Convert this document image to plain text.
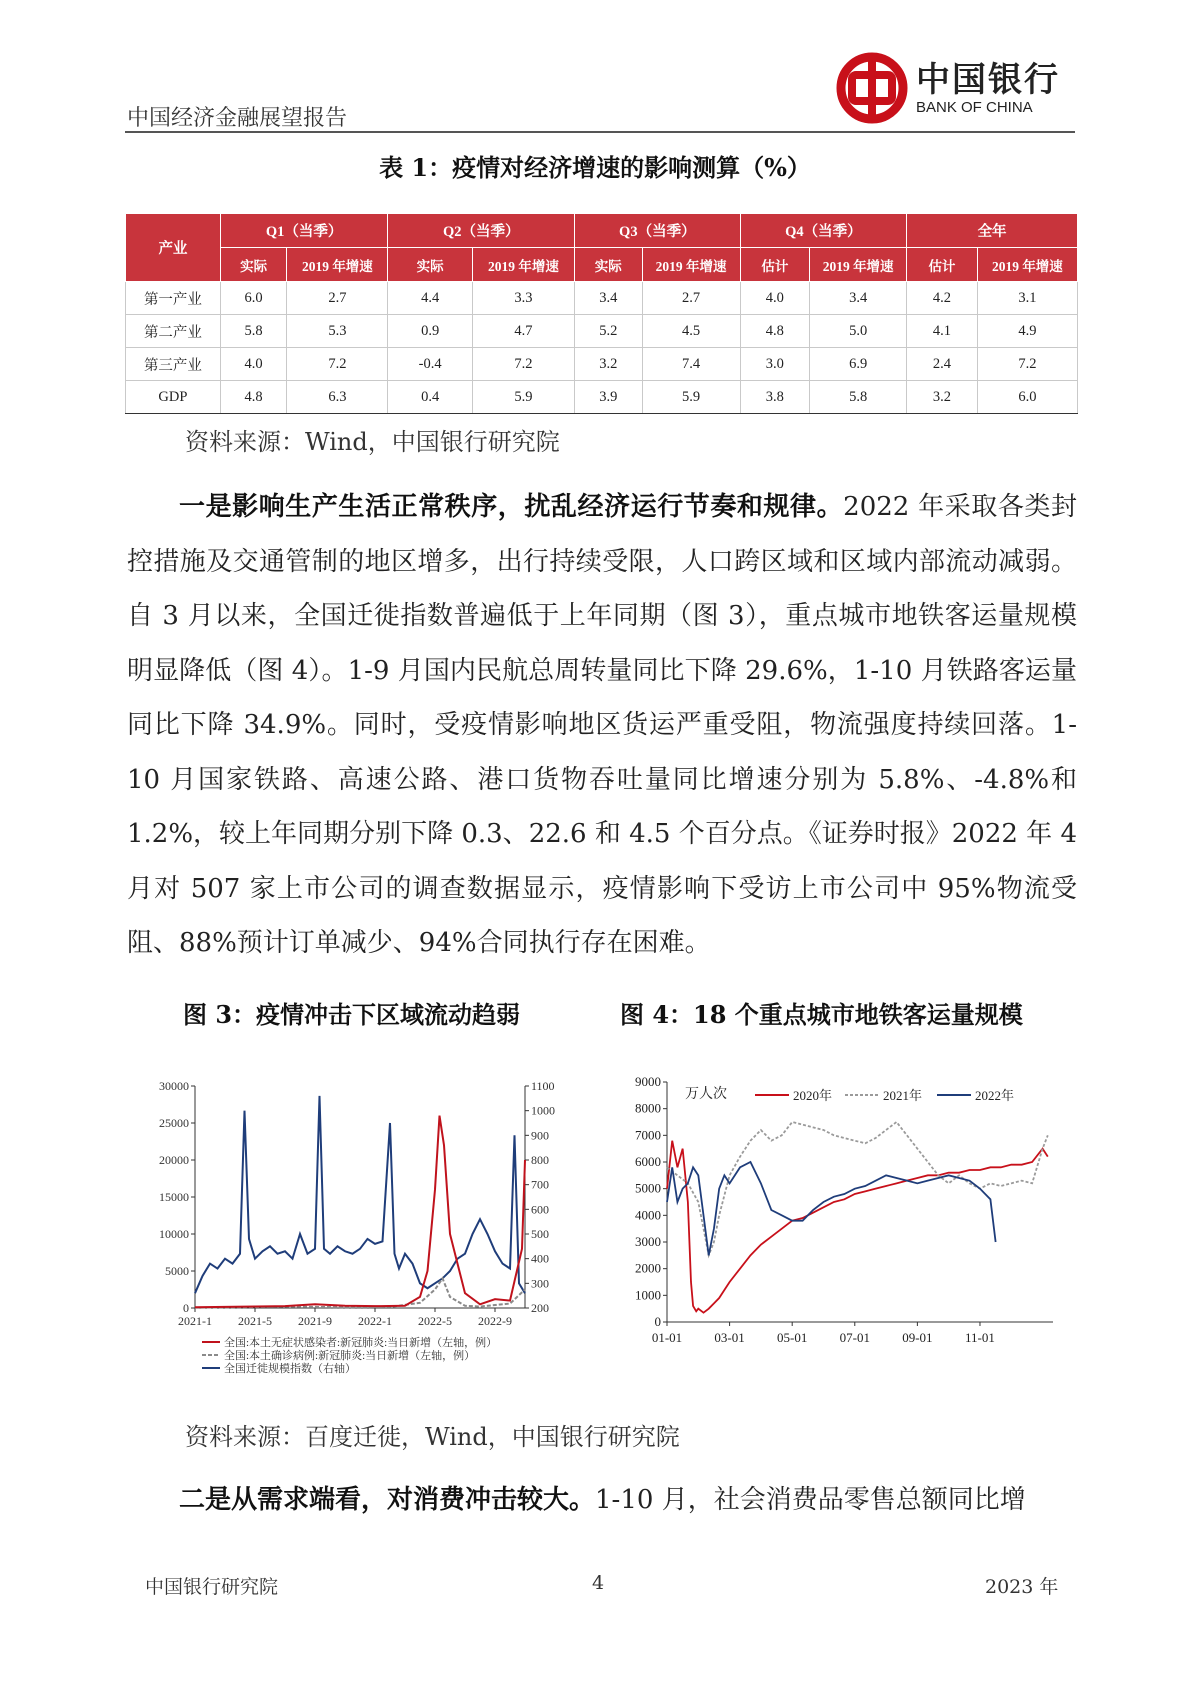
中国经济金融展望报告
中国银行
BANK OF CHINA
表 1：疫情对经济增速的影响测算（%）
产业	Q1（当季）		Q2（当季）		Q3（当季）		Q4（当季）		全年	
	实际	2019 年增速	实际	2019 年增速	实际	2019 年增速	估计	2019 年增速	估计	2019 年增速
第一产业	6.0	2.7	4.4	3.3	3.4	2.7	4.0	3.4	4.2	3.1
第二产业	5.8	5.3	0.9	4.7	5.2	4.5	4.8	5.0	4.1	4.9
第三产业	4.0	7.2	-0.4	7.2	3.2	7.4	3.0	6.9	2.4	7.2
GDP	4.8	6.3	0.4	5.9	3.9	5.9	3.8	5.8	3.2	6.0
资料来源：Wind，中国银行研究院

一是影响生产生活正常秩序，扰乱经济运行节奏和规律。2022 年采取各类封控措施及交通管制的地区增多，出行持续受限，人口跨区域和区域内部流动减弱。自 3 月以来，全国迁徙指数普遍低于上年同期（图 3），重点城市地铁客运量规模明显降低（图 4）。1-9 月国内民航总周转量同比下降 29.6%，1-10 月铁路客运量同比下降 34.9%。同时，受疫情影响地区货运严重受阻，物流强度持续回落。1-10 月国家铁路、高速公路、港口货物吞吐量同比增速分别为 5.8%、-4.8%和 1.2%，较上年同期分别下降 0.3、22.6 和 4.5 个百分点。《证券时报》2022 年 4 月对 507 家上市公司的调查数据显示，疫情影响下受访上市公司中 95%物流受阻、88%预计订单减少、94%合同执行存在困难。

图 3：疫情冲击下区域流动趋弱	图 4：18 个重点城市地铁客运量规模
0
5000
10000
15000
20000
25000
30000
200
300
400
500
600
700
800
900
1000
1100
2021-1 2021-5 2021-9 2022-1 2022-5 2022-9
全国:本土无症状感染者:新冠肺炎:当日新增（左轴，例）
全国:本土确诊病例:新冠肺炎:当日新增（左轴，例）
全国迁徙规模指数（右轴）
0
1000
2000
3000
4000
5000
6000
7000
8000
9000
01-01 03-01 05-01 07-01 09-01 11-01
万人次	2020年	2021年	2022年
资料来源：百度迁徙，Wind，中国银行研究院

二是从需求端看，对消费冲击较大。1-10 月，社会消费品零售总额同比增

中国银行研究院	4	2023 年
